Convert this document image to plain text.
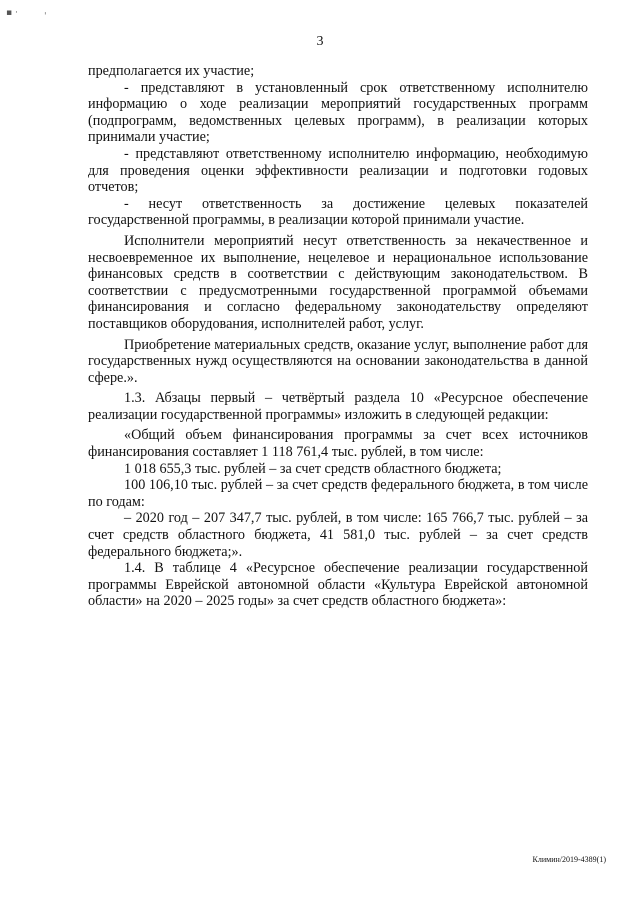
▪ ·	ˈ
3

предполагается их участие;

- представляют в установленный срок ответственному исполнителю информацию о ходе реализации мероприятий государственных программ (подпрограмм, ведомственных целевых программ), в реализации которых принимали участие;

- представляют ответственному исполнителю информацию, необходимую для проведения оценки эффективности реализации и подготовки годовых отчетов;

- несут ответственность за достижение целевых показателей государственной программы, в реализации которой принимали участие.

Исполнители мероприятий несут ответственность за некачественное и несвоевременное их выполнение, нецелевое и нерациональное использование финансовых средств в соответствии с действующим законодательством. В соответствии с предусмотренными государственной программой объемами финансирования и согласно федеральному законодательству определяют поставщиков оборудования, исполнителей работ, услуг.

Приобретение материальных средств, оказание услуг, выполнение работ для государственных нужд осуществляются на основании законодательства в данной сфере.».

1.3. Абзацы первый – четвёртый раздела 10 «Ресурсное обеспечение реализации государственной программы» изложить в следующей редакции:

«Общий объем финансирования программы за счет всех источников финансирования составляет 1 118 761,4 тыс. рублей, в том числе:

1 018 655,3 тыс. рублей – за счет средств областного бюджета;

100 106,10 тыс. рублей – за счет средств федерального бюджета, в том числе по годам:

– 2020 год – 207 347,7 тыс. рублей, в том числе: 165 766,7 тыс. рублей – за счет средств областного бюджета, 41 581,0 тыс. рублей – за счет средств федерального бюджета;».

1.4. В таблице 4 «Ресурсное обеспечение реализации государственной программы Еврейской автономной области «Культура Еврейской автономной области» на 2020 – 2025 годы» за счет средств областного бюджета»:

Климин/2019-4389(1)
